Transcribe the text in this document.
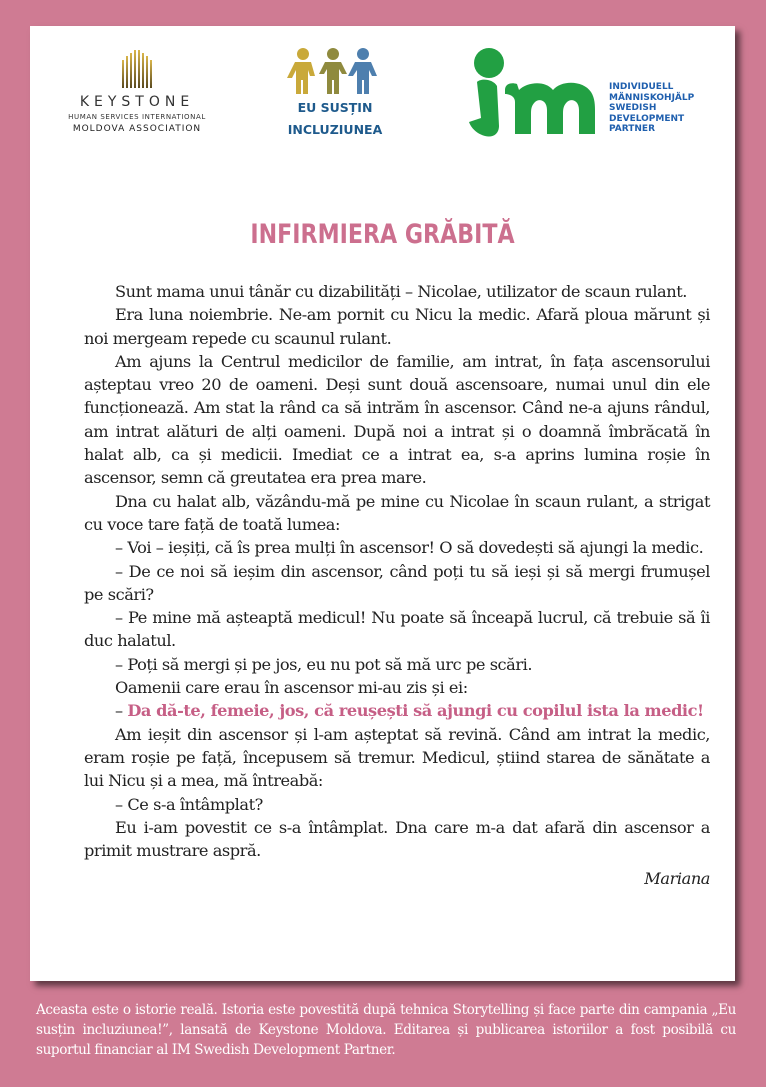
KEYSTONE
HUMAN SERVICES INTERNATIONAL
MOLDOVA ASSOCIATION
EU SUSȚIN
INCLUZIUNEA
INDIVIDUELL
MÄNNISKOHJÄLP
SWEDISH
DEVELOPMENT
PARTNER
INFIRMIERA GRĂBITĂ

Sunt mama unui tânăr cu dizabilități – Nicolae, utilizator de scaun rulant.

Era luna noiembrie. Ne-am pornit cu Nicu la medic. Afară ploua mărunt și noi mergeam repede cu scaunul rulant.

Am ajuns la Centrul medicilor de familie, am intrat, în fața ascensorului așteptau vreo 20 de oameni. Deși sunt două ascensoare, numai unul din ele funcționează. Am stat la rând ca să intrăm în ascensor. Când ne-a ajuns rândul, am intrat alături de alți oameni. După noi a intrat și o doamnă îmbrăcată în halat alb, ca și medicii. Imediat ce a intrat ea, s-a aprins lumina roșie în ascensor, semn că greutatea era prea mare.

Dna cu halat alb, văzându-mă pe mine cu Nicolae în scaun rulant, a strigat cu voce tare față de toată lumea:

– Voi – ieșiți, că îs prea mulți în ascensor! O să dovedești să ajungi la medic.

– De ce noi să ieșim din ascensor, când poți tu să ieși și să mergi frumușel pe scări?

– Pe mine mă așteaptă medicul! Nu poate să înceapă lucrul, că trebuie să îi duc halatul.

– Poți să mergi și pe jos, eu nu pot să mă urc pe scări.

Oamenii care erau în ascensor mi-au zis și ei:

– Da dă-te, femeie, jos, că reușești să ajungi cu copilul ista la medic!

Am ieșit din ascensor și l-am așteptat să revină. Când am intrat la medic, eram roșie pe față, începusem să tremur. Medicul, știind starea de sănătate a lui Nicu și a mea, mă întreabă:

– Ce s-a întâmplat?

Eu i-am povestit ce s-a întâmplat. Dna care m-a dat afară din ascensor a primit mustrare aspră.

Mariana

Aceasta este o istorie reală. Istoria este povestită după tehnica Storytelling și face parte din campania „Eu susțin incluziunea!”, lansată de Keystone Moldova. Editarea și publicarea istoriilor a fost posibilă cu suportul financiar al IM Swedish Development Partner.
